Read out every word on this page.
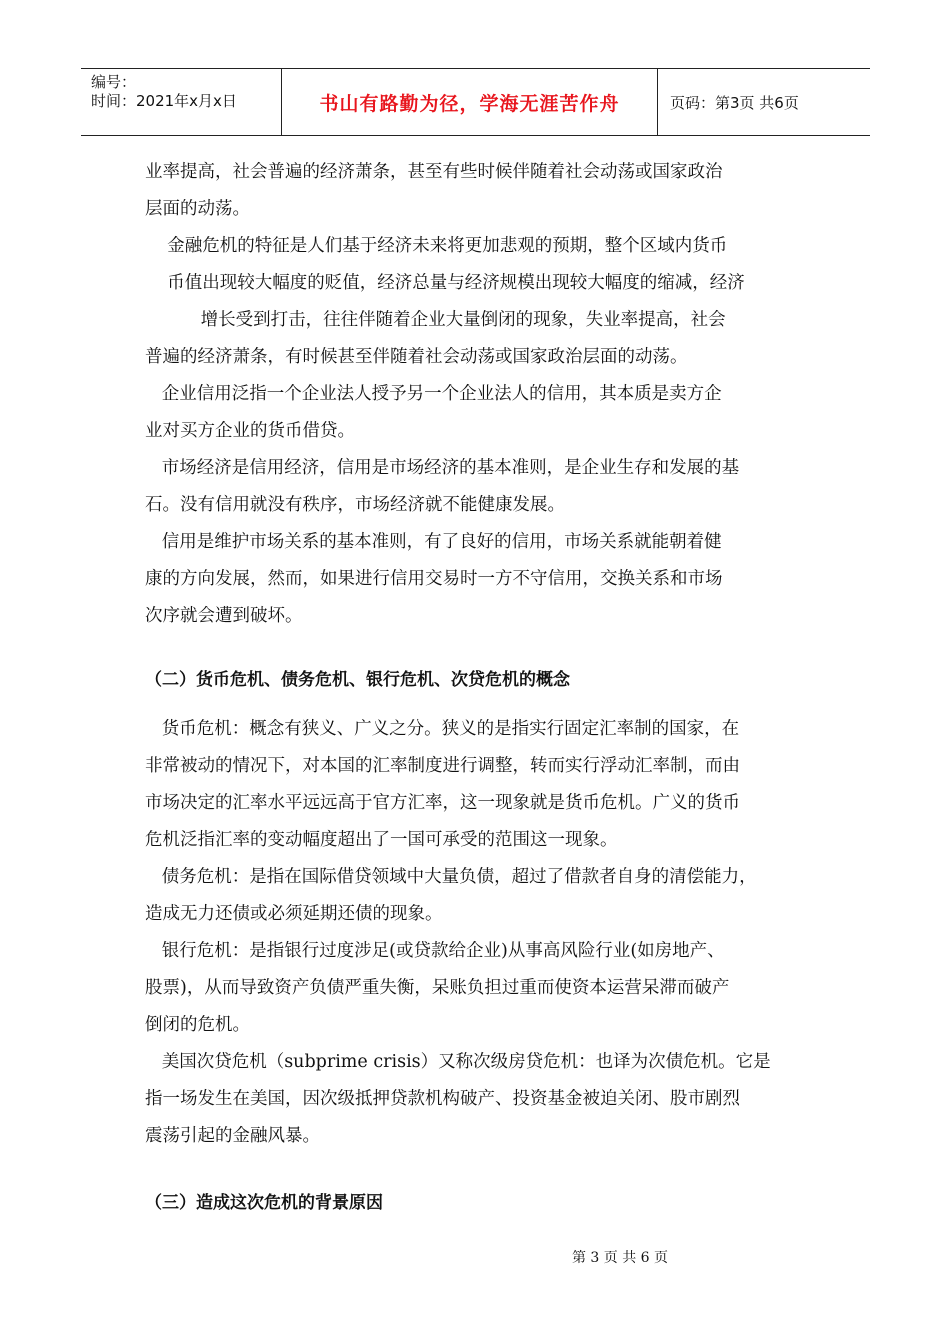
编号：
时间：2021年x月x日	书山有路勤为径，学海无涯苦作舟	页码：第3页 共6页

业率提高，社会普遍的经济萧条，甚至有些时候伴随着社会动荡或国家政治

层面的动荡。

金融危机的特征是人们基于经济未来将更加悲观的预期，整个区域内货币

币值出现较大幅度的贬值，经济总量与经济规模出现较大幅度的缩减，经济

增长受到打击，往往伴随着企业大量倒闭的现象，失业率提高，社会

普遍的经济萧条，有时候甚至伴随着社会动荡或国家政治层面的动荡。

企业信用泛指一个企业法人授予另一个企业法人的信用，其本质是卖方企

业对买方企业的货币借贷。

市场经济是信用经济，信用是市场经济的基本准则，是企业生存和发展的基

石。没有信用就没有秩序，市场经济就不能健康发展。

信用是维护市场关系的基本准则，有了良好的信用，市场关系就能朝着健

康的方向发展，然而，如果进行信用交易时一方不守信用，交换关系和市场

次序就会遭到破坏。

（二）货币危机、债务危机、银行危机、次贷危机的概念

货币危机：概念有狭义、广义之分。狭义的是指实行固定汇率制的国家，在

非常被动的情况下，对本国的汇率制度进行调整，转而实行浮动汇率制，而由

市场决定的汇率水平远远高于官方汇率，这一现象就是货币危机。广义的货币

危机泛指汇率的变动幅度超出了一国可承受的范围这一现象。

债务危机：是指在国际借贷领域中大量负债，超过了借款者自身的清偿能力，

造成无力还债或必须延期还债的现象。

银行危机：是指银行过度涉足(或贷款给企业)从事高风险行业(如房地产、

股票)，从而导致资产负债严重失衡，呆账负担过重而使资本运营呆滞而破产

倒闭的危机。

美国次贷危机（subprime crisis）又称次级房贷危机：也译为次债危机。它是

指一场发生在美国，因次级抵押贷款机构破产、投资基金被迫关闭、股市剧烈

震荡引起的金融风暴。

（三）造成这次危机的背景原因

第 3 页 共 6 页
